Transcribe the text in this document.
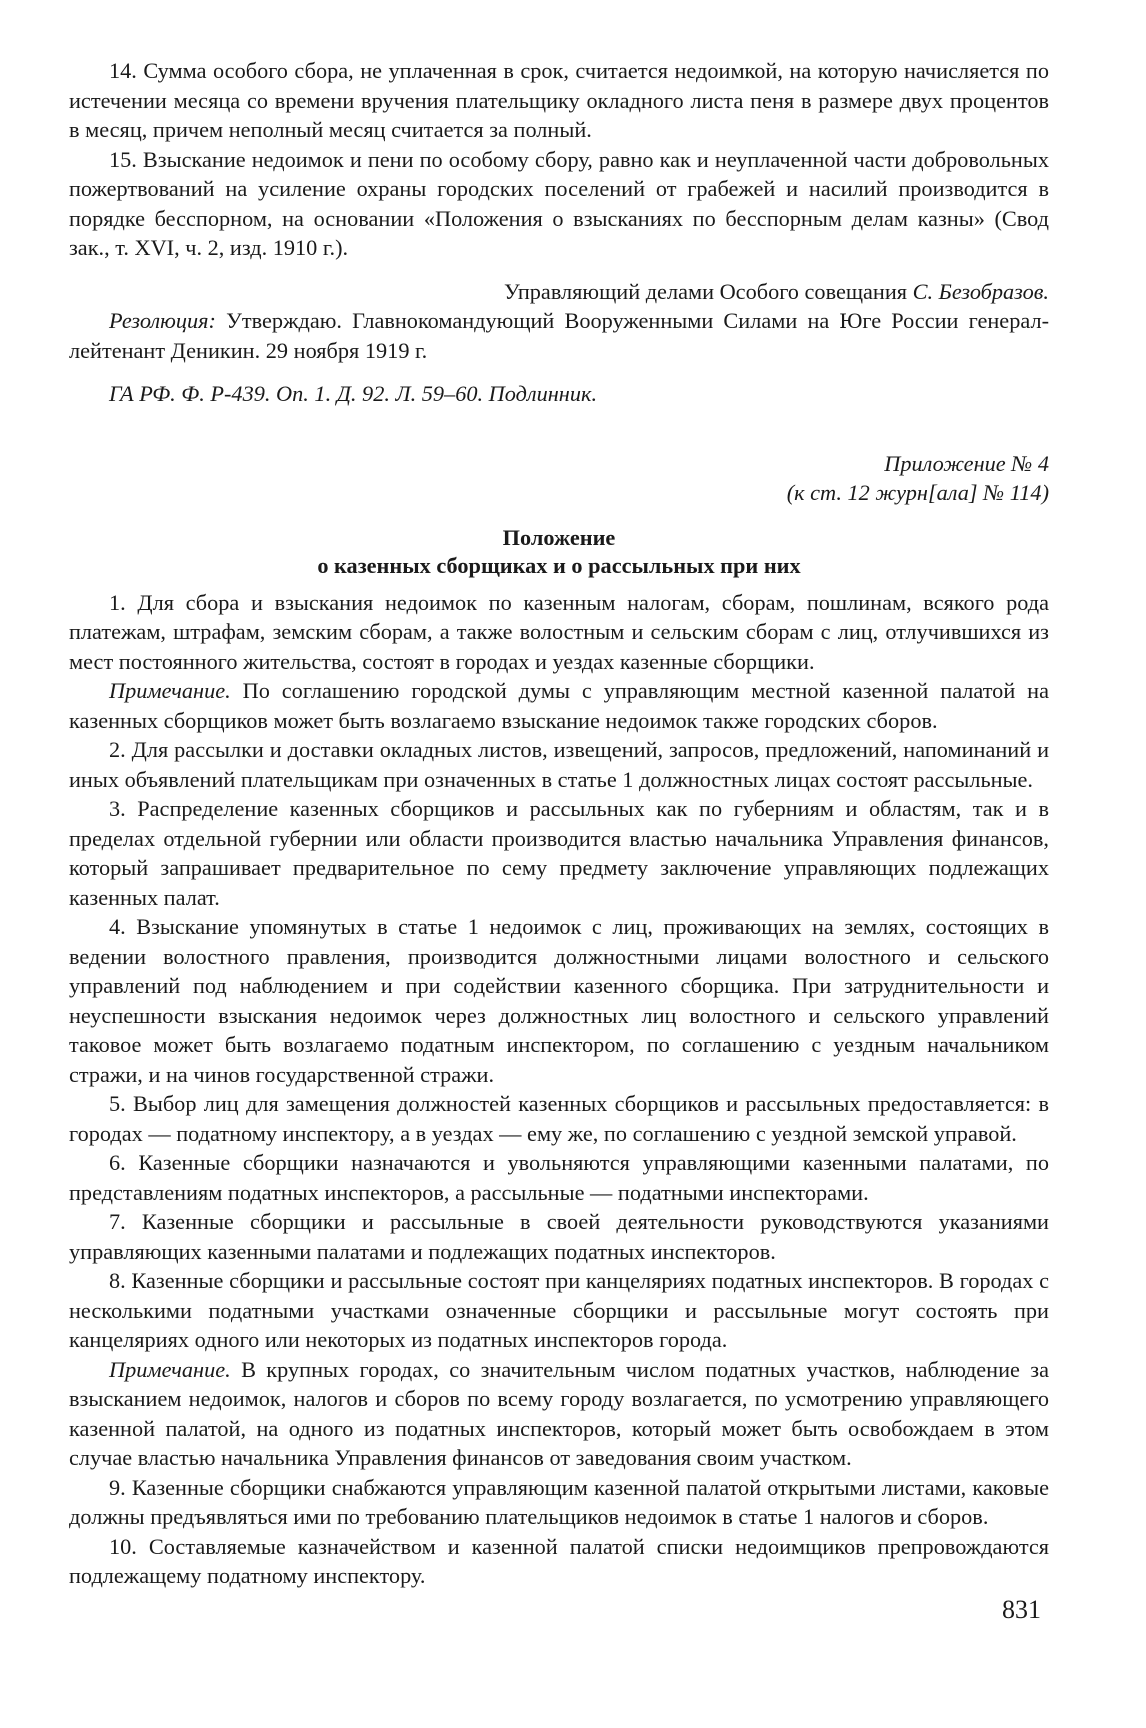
14. Сумма особого сбора, не уплаченная в срок, считается недоимкой, на которую начисляется по истечении месяца со времени вручения плательщику окладного листа пеня в размере двух процентов в месяц, причем неполный месяц считается за полный.

15. Взыскание недоимок и пени по особому сбору, равно как и неуплаченной части добровольных пожертвований на усиление охраны городских поселений от грабежей и насилий производится в порядке бесспорном, на основании «Положения о взысканиях по бесспорным делам казны» (Свод зак., т. XVI, ч. 2, изд. 1910 г.).

Управляющий делами Особого совещания С. Безобразов.

Резолюция: Утверждаю. Главнокомандующий Вооруженными Силами на Юге России генерал-лейтенант Деникин. 29 ноября 1919 г.

ГА РФ. Ф. Р-439. Оп. 1. Д. 92. Л. 59–60. Подлинник.

Приложение № 4
(к ст. 12 журн[ала] № 114)
Положение
о казенных сборщиках и о рассыльных при них

1. Для сбора и взыскания недоимок по казенным налогам, сборам, пошлинам, всякого рода платежам, штрафам, земским сборам, а также волостным и сельским сборам с лиц, отлучившихся из мест постоянного жительства, состоят в городах и уездах казенные сборщики.

Примечание. По соглашению городской думы с управляющим местной казенной палатой на казенных сборщиков может быть возлагаемо взыскание недоимок также городских сборов.

2. Для рассылки и доставки окладных листов, извещений, запросов, предложений, напоминаний и иных объявлений плательщикам при означенных в статье 1 должностных лицах состоят рассыльные.

3. Распределение казенных сборщиков и рассыльных как по губерниям и областям, так и в пределах отдельной губернии или области производится властью начальника Управления финансов, который запрашивает предварительное по сему предмету заключение управляющих подлежащих казенных палат.

4. Взыскание упомянутых в статье 1 недоимок с лиц, проживающих на землях, состоящих в ведении волостного правления, производится должностными лицами волостного и сельского управлений под наблюдением и при содействии казенного сборщика. При затруднительности и неуспешности взыскания недоимок через должностных лиц волостного и сельского управлений таковое может быть возлагаемо податным инспектором, по соглашению с уездным начальником стражи, и на чинов государственной стражи.

5. Выбор лиц для замещения должностей казенных сборщиков и рассыльных предоставляется: в городах — податному инспектору, а в уездах — ему же, по соглашению с уездной земской управой.

6. Казенные сборщики назначаются и увольняются управляющими казенными палатами, по представлениям податных инспекторов, а рассыльные — податными инспекторами.

7. Казенные сборщики и рассыльные в своей деятельности руководствуются указаниями управляющих казенными палатами и подлежащих податных инспекторов.

8. Казенные сборщики и рассыльные состоят при канцеляриях податных инспекторов. В городах с несколькими податными участками означенные сборщики и рассыльные могут состоять при канцеляриях одного или некоторых из податных инспекторов города.

Примечание. В крупных городах, со значительным числом податных участков, наблюдение за взысканием недоимок, налогов и сборов по всему городу возлагается, по усмотрению управляющего казенной палатой, на одного из податных инспекторов, который может быть освобождаем в этом случае властью начальника Управления финансов от заведования своим участком.

9. Казенные сборщики снабжаются управляющим казенной палатой открытыми листами, каковые должны предъявляться ими по требованию плательщиков недоимок в статье 1 налогов и сборов.

10. Составляемые казначейством и казенной палатой списки недоимщиков препровождаются подлежащему податному инспектору.

831
